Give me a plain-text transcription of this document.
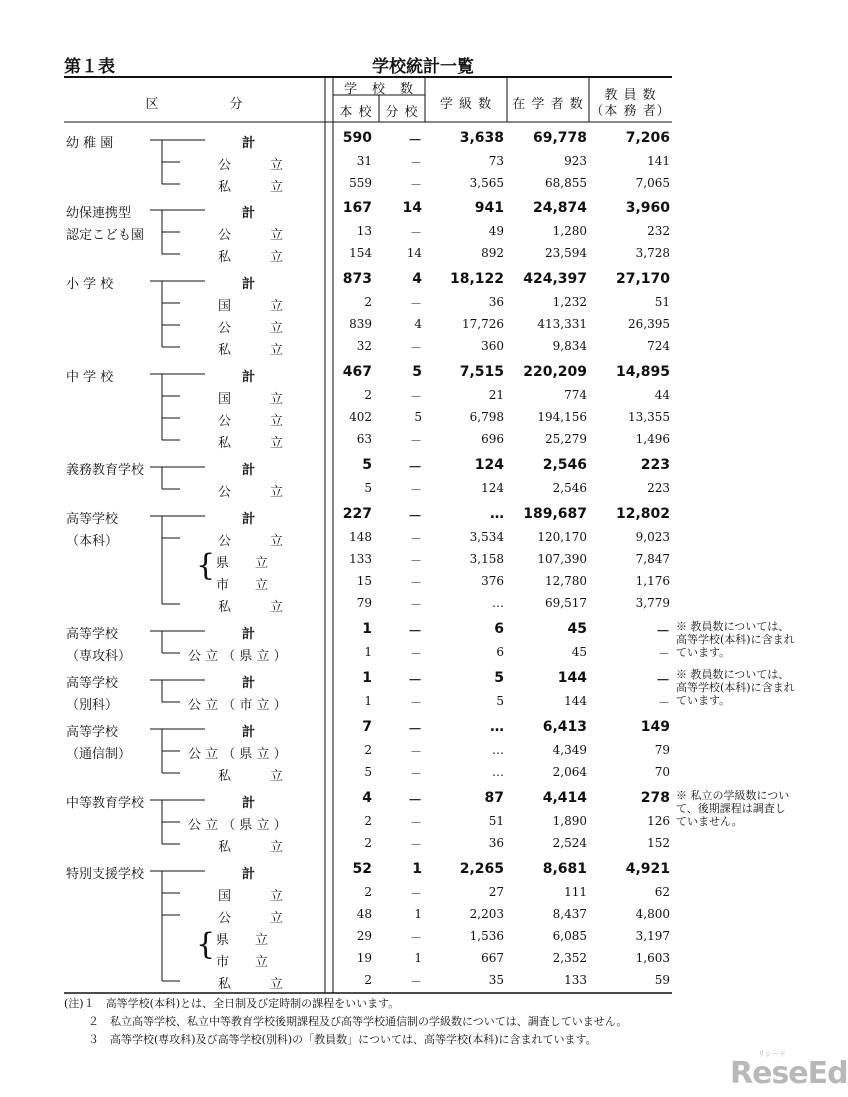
第１表	学校統計一覧
区　　　　　分
学　校　数
本 校 分 校
学 級 数	在 学 者 数
教 員 数
（本 務 者）
幼 稚 園	計	590	－	3,638	69,778	7,206
公　　　立	31	－	73	923	141
私　　　立	559	－	3,565	68,855	7,065
幼保連携型
認定こども園
計	167	14	941	24,874	3,960
公　　　立	13	－	49	1,280	232
私　　　立	154	14	892	23,594	3,728
小 学 校	計	873	4	18,122	424,397	27,170
国　　　立	2	－	36	1,232	51
公　　　立	839	4	17,726	413,331	26,395
私　　　立	32	－	360	9,834	724
中 学 校	計	467	5	7,515	220,209	14,895
国　　　立	2	－	21	774	44
公　　　立	402	5	6,798	194,156	13,355
私　　　立	63	－	696	25,279	1,496
義務教育学校	計	5	－	124	2,546	223
公　　　立	5	－	124	2,546	223
高等学校
（本科）
計	227	－	…	189,687	12,802
公　　　立	148	－	3,534	120,170	9,023
県　　立	133	－	3,158	107,390	7,847
市　　立	15	－	376	12,780	1,176
私　　　立	79	－	…	69,517	3,779
高等学校
（専攻科）
計	1	－	6	45	－
公 立 （ 県 立 ）	1	－	6	45	－
高等学校
（別科）
計	1	－	5	144	－
公 立 （ 市 立 ）	1	－	5	144	－
高等学校
（通信制）
計	7	－	…	6,413	149
公 立 （ 県 立 ）	2	－	…	4,349	79
私　　　立	5	－	…	2,064	70
中等教育学校	計	4	－	87	4,414	278
公 立 （ 県 立 ）	2	－	51	1,890	126
私　　　立	2	－	36	2,524	152
特別支援学校	計	52	1	2,265	8,681	4,921
国　　　立	2	－	27	111	62
公　　　立	48	1	2,203	8,437	4,800
県　　立	29	－	1,536	6,085	3,197
市　　立	19	1	667	2,352	1,603
私　　　立	2	－	35	133	59
{
{
※ 教員数については、高等学校(本科)に含まれています。
※ 教員数については、高等学校(本科)に含まれています。
※ 私立の学級数について、後期課程は調査していません。
(注)１　高等学校(本科)とは、全日制及び定時制の課程をいいます。
２　私立高等学校、私立中等教育学校後期課程及び高等学校通信制の学級数については、調査していません。
３　高等学校(専攻科)及び高等学校(別科)の「教員数」については、高等学校(本科)に含まれています。
ReseEd
リシード
